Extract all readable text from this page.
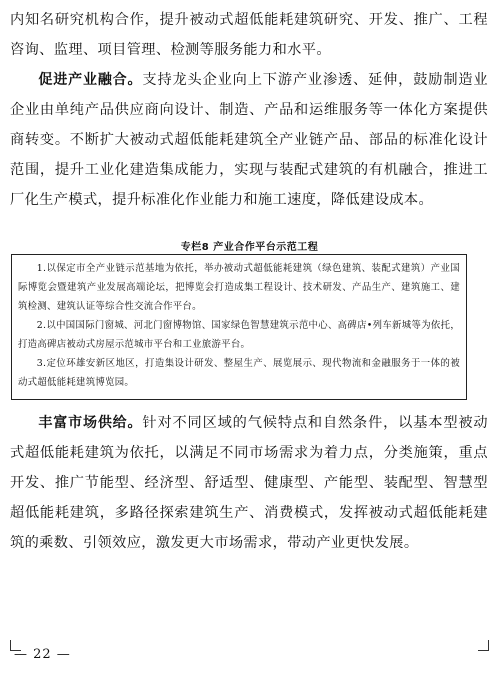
内知名研究机构合作，提升被动式超低能耗建筑研究、开发、推广、工程咨询、监理、项目管理、检测等服务能力和水平。

促进产业融合。支持龙头企业向上下游产业渗透、延伸，鼓励制造业企业由单纯产品供应商向设计、制造、产品和运维服务等一体化方案提供商转变。不断扩大被动式超低能耗建筑全产业链产品、部品的标准化设计范围，提升工业化建造集成能力，实现与装配式建筑的有机融合，推进工厂化生产模式，提升标准化作业能力和施工速度，降低建设成本。

专栏8 产业合作平台示范工程

1.以保定市全产业链示范基地为依托，举办被动式超低能耗建筑（绿色建筑、装配式建筑）产业国际博览会暨建筑产业发展高端论坛，把博览会打造成集工程设计、技术研发、产品生产、建筑施工、建筑检测、建筑认证等综合性交流合作平台。

2.以中国国际门窗城、河北门窗博物馆、国家绿色智慧建筑示范中心、高碑店•列车新城等为依托，打造高碑店被动式房屋示范城市平台和工业旅游平台。

3.定位环雄安新区地区，打造集设计研发、整屋生产、展览展示、现代物流和金融服务于一体的被动式超低能耗建筑博览园。

丰富市场供给。针对不同区域的气候特点和自然条件，以基本型被动式超低能耗建筑为依托，以满足不同市场需求为着力点，分类施策，重点开发、推广节能型、经济型、舒适型、健康型、产能型、装配型、智慧型超低能耗建筑，多路径探索建筑生产、消费模式，发挥被动式超低能耗建筑的乘数、引领效应，激发更大市场需求，带动产业更快发展。

— 22 —
